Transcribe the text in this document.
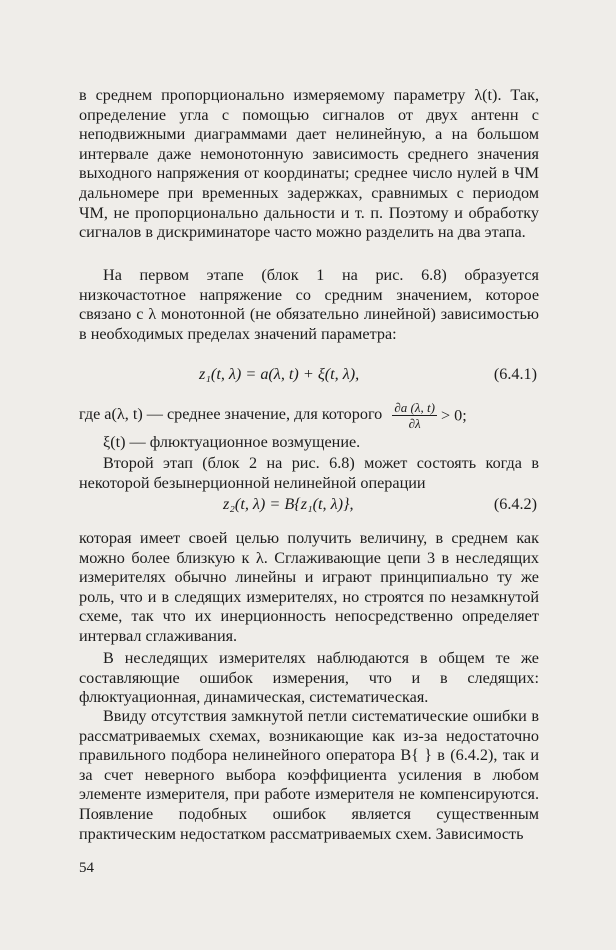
в среднем пропорционально измеряемому параметру λ(t). Так, определение угла с помощью сигналов от двух антенн с неподвижными диаграммами дает нелинейную, а на большом интервале даже немонотонную зависимость среднего значения выходного напряжения от координаты; среднее число нулей в ЧМ дальномере при временных задержках, сравнимых с периодом ЧМ, не пропорционально дальности и т. п. Поэтому и обработку сигналов в дискриминаторе часто можно разделить на два этапа.
На первом этапе (блок 1 на рис. 6.8) образуется низкочастотное напряжение со средним значением, которое связано с λ монотонной (не обязательно линейной) зависимостью в необходимых пределах значений параметра:
z₁(t, λ) = a(λ, t) + ξ(t, λ),	(6.4.1)
где a(λ, t) — среднее значение, для которого $\frac{\partial a (\lambda, t)}{\partial\lambda} > 0$;
ξ(t) — флюктуационное возмущение.
Второй этап (блок 2 на рис. 6.8) может состоять когда в некоторой безынерционной нелинейной операции
z₂(t, λ) = B{z₁(t, λ)},	(6.4.2)
которая имеет своей целью получить величину, в среднем как можно более близкую к λ. Сглаживающие цепи 3 в неследящих измерителях обычно линейны и играют принципиально ту же роль, что и в следящих измерителях, но строятся по незамкнутой схеме, так что их инерционность непосредственно определяет интервал сглаживания.
В неследящих измерителях наблюдаются в общем те же составляющие ошибок измерения, что и в следящих: флюктуационная, динамическая, систематическая.
Ввиду отсутствия замкнутой петли систематические ошибки в рассматриваемых схемах, возникающие как из-за недостаточно правильного подбора нелинейного оператора B{ } в (6.4.2), так и за счет неверного выбора коэффициента усиления в любом элементе измерителя, при работе измерителя не компенсируются. Появление подобных ошибок является существенным практическим недостатком рассматриваемых схем. Зависимость
54
